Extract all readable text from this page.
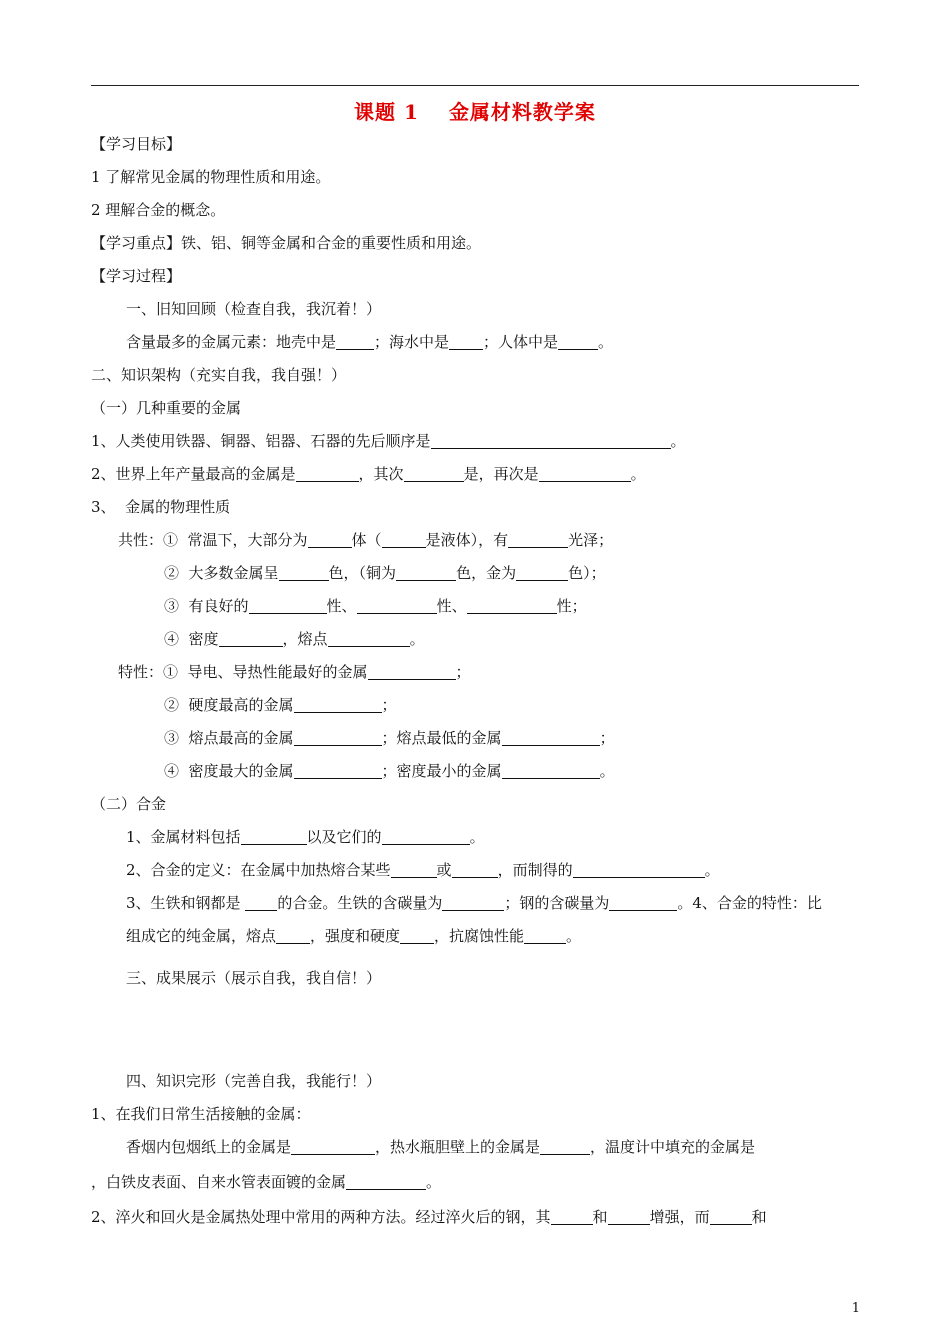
课题 1 金属材料教学案
【学习目标】
1 了解常见金属的物理性质和用途。
2 理解合金的概念。
【学习重点】铁、铝、铜等金属和合金的重要性质和用途。
【学习过程】
一、旧知回顾（检查自我，我沉着！）
含量最多的金属元素：地壳中是	；海水中是 ；人体中是	。
二、知识架构（充实自我，我自强！）
（一）几种重要的金属
1、人类使用铁器、铜器、铝器、石器的先后顺序是	。
2、世界上年产量最高的金属是	，其次	是，再次是	。
3、  金属的物理性质
共性：①  常温下，大部分为	体（	是液体），有	光泽；
②  大多数金属呈	色，（铜为	色，金为	色）；
③  有良好的	性、	性、	性；
④  密度	，熔点	。
特性：①  导电、导热性能最好的金属	；
②  硬度最高的金属	；
③  熔点最高的金属	；熔点最低的金属	；
④  密度最大的金属	；密度最小的金属	。
（二）合金
1、金属材料包括	以及它们的	。
2、合金的定义：在金属中加热熔合某些	或	，而制得的	。
3、生铁和钢都是 的合金。生铁的含碳量为	；钢的含碳量为	。4、合金的特性：比
组成它的纯金属，熔点 ，强度和硬度 ，抗腐蚀性能	。
三、成果展示（展示自我，我自信！）
四、知识完形（完善自我，我能行！）
1、在我们日常生活接触的金属：
香烟内包烟纸上的金属是	，热水瓶胆壁上的金属是	，温度计中填充的金属是
，白铁皮表面、自来水管表面镀的金属	。
2、淬火和回火是金属热处理中常用的两种方法。经过淬火后的钢，其	和	增强，而	和
1
